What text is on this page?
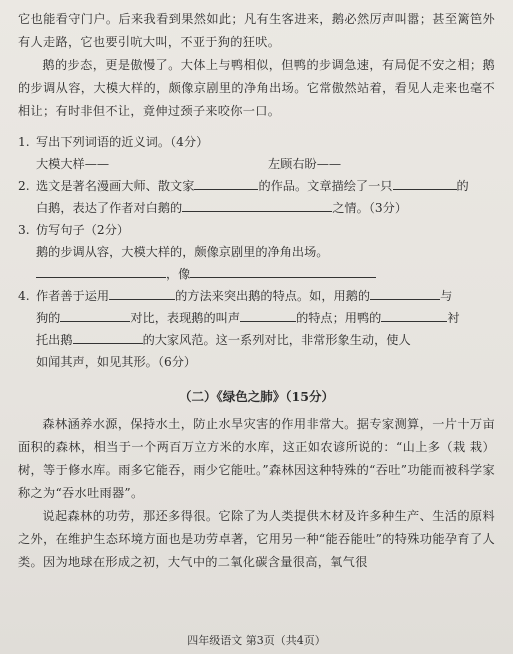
它也能看守门户。后来我看到果然如此；凡有生客进来，鹅必然厉声叫嚣；甚至篱笆外有人走路，它也要引吭大叫，不亚于狗的狂吠。

鹅的步态，更是傲慢了。大体上与鸭相似，但鸭的步调急速，有局促不安之相；鹅的步调从容，大模大样的，颇像京剧里的净角出场。它常傲然站着，看见人走来也毫不相让；有时非但不让，竟伸过颈子来咬你一口。

1. 写出下列词语的近义词。（4分）

大模大样——	左顾右盼——

2. 选文是著名漫画大师、散文家	的作品。文章描绘了一只	的

白鹅，表达了作者对白鹅的	之情。（3分）

3. 仿写句子（2分）

鹅的步调从容，大模大样的，颇像京剧里的净角出场。

，像

4. 作者善于运用	的方法来突出鹅的特点。如，用鹅的	与

狗的	对比，表现鹅的叫声	的特点；用鸭的	衬

托出鹅	的大家风范。这一系列对比，非常形象生动，使人

如闻其声，如见其形。（6分）

（二）《绿色之肺》（15分）

森林涵养水源，保持水土，防止水旱灾害的作用非常大。据专家测算，一片十万亩面积的森林，相当于一个两百万立方米的水库，这正如农谚所说的：“山上多（栽 栽）树，等于修水库。雨多它能吞，雨少它能吐。”森林因这种特殊的“吞吐”功能而被科学家称之为“吞水吐雨器”。

说起森林的功劳，那还多得很。它除了为人类提供木材及许多种生产、生活的原料之外，在维护生态环境方面也是功劳卓著，它用另一种“能吞能吐”的特殊功能孕育了人类。因为地球在形成之初，大气中的二氧化碳含量很高，氧气很

四年级语文 第3页（共4页）
